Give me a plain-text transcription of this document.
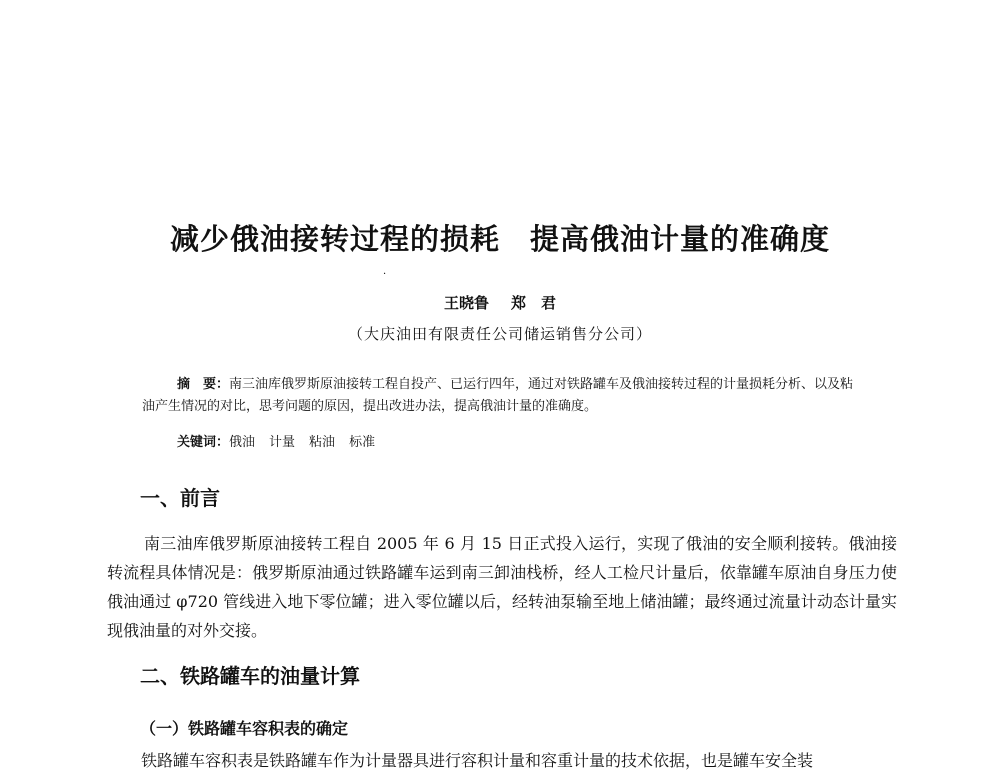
减少俄油接转过程的损耗 提高俄油计量的准确度
·
王晓鲁 郑　君
（大庆油田有限责任公司储运销售分公司）
摘　要：南三油库俄罗斯原油接转工程自投产、已运行四年，通过对铁路罐车及俄油接转过程的计量损耗分析、以及粘油产生情况的对比，思考问题的原因，提出改进办法，提高俄油计量的准确度。
关键词：俄油 计量 粘油 标准
一、前言
南三油库俄罗斯原油接转工程自 2005 年 6 月 15 日正式投入运行，实现了俄油的安全顺利接转。俄油接转流程具体情况是：俄罗斯原油通过铁路罐车运到南三卸油栈桥，经人工检尺计量后，依靠罐车原油自身压力使俄油通过 φ720 管线进入地下零位罐；进入零位罐以后，经转油泵输至地上储油罐；最终通过流量计动态计量实现俄油量的对外交接。
二、铁路罐车的油量计算
（一）铁路罐车容积表的确定
铁路罐车容积表是铁路罐车作为计量器具进行容积计量和容重计量的技术依据，也是罐车安全装
